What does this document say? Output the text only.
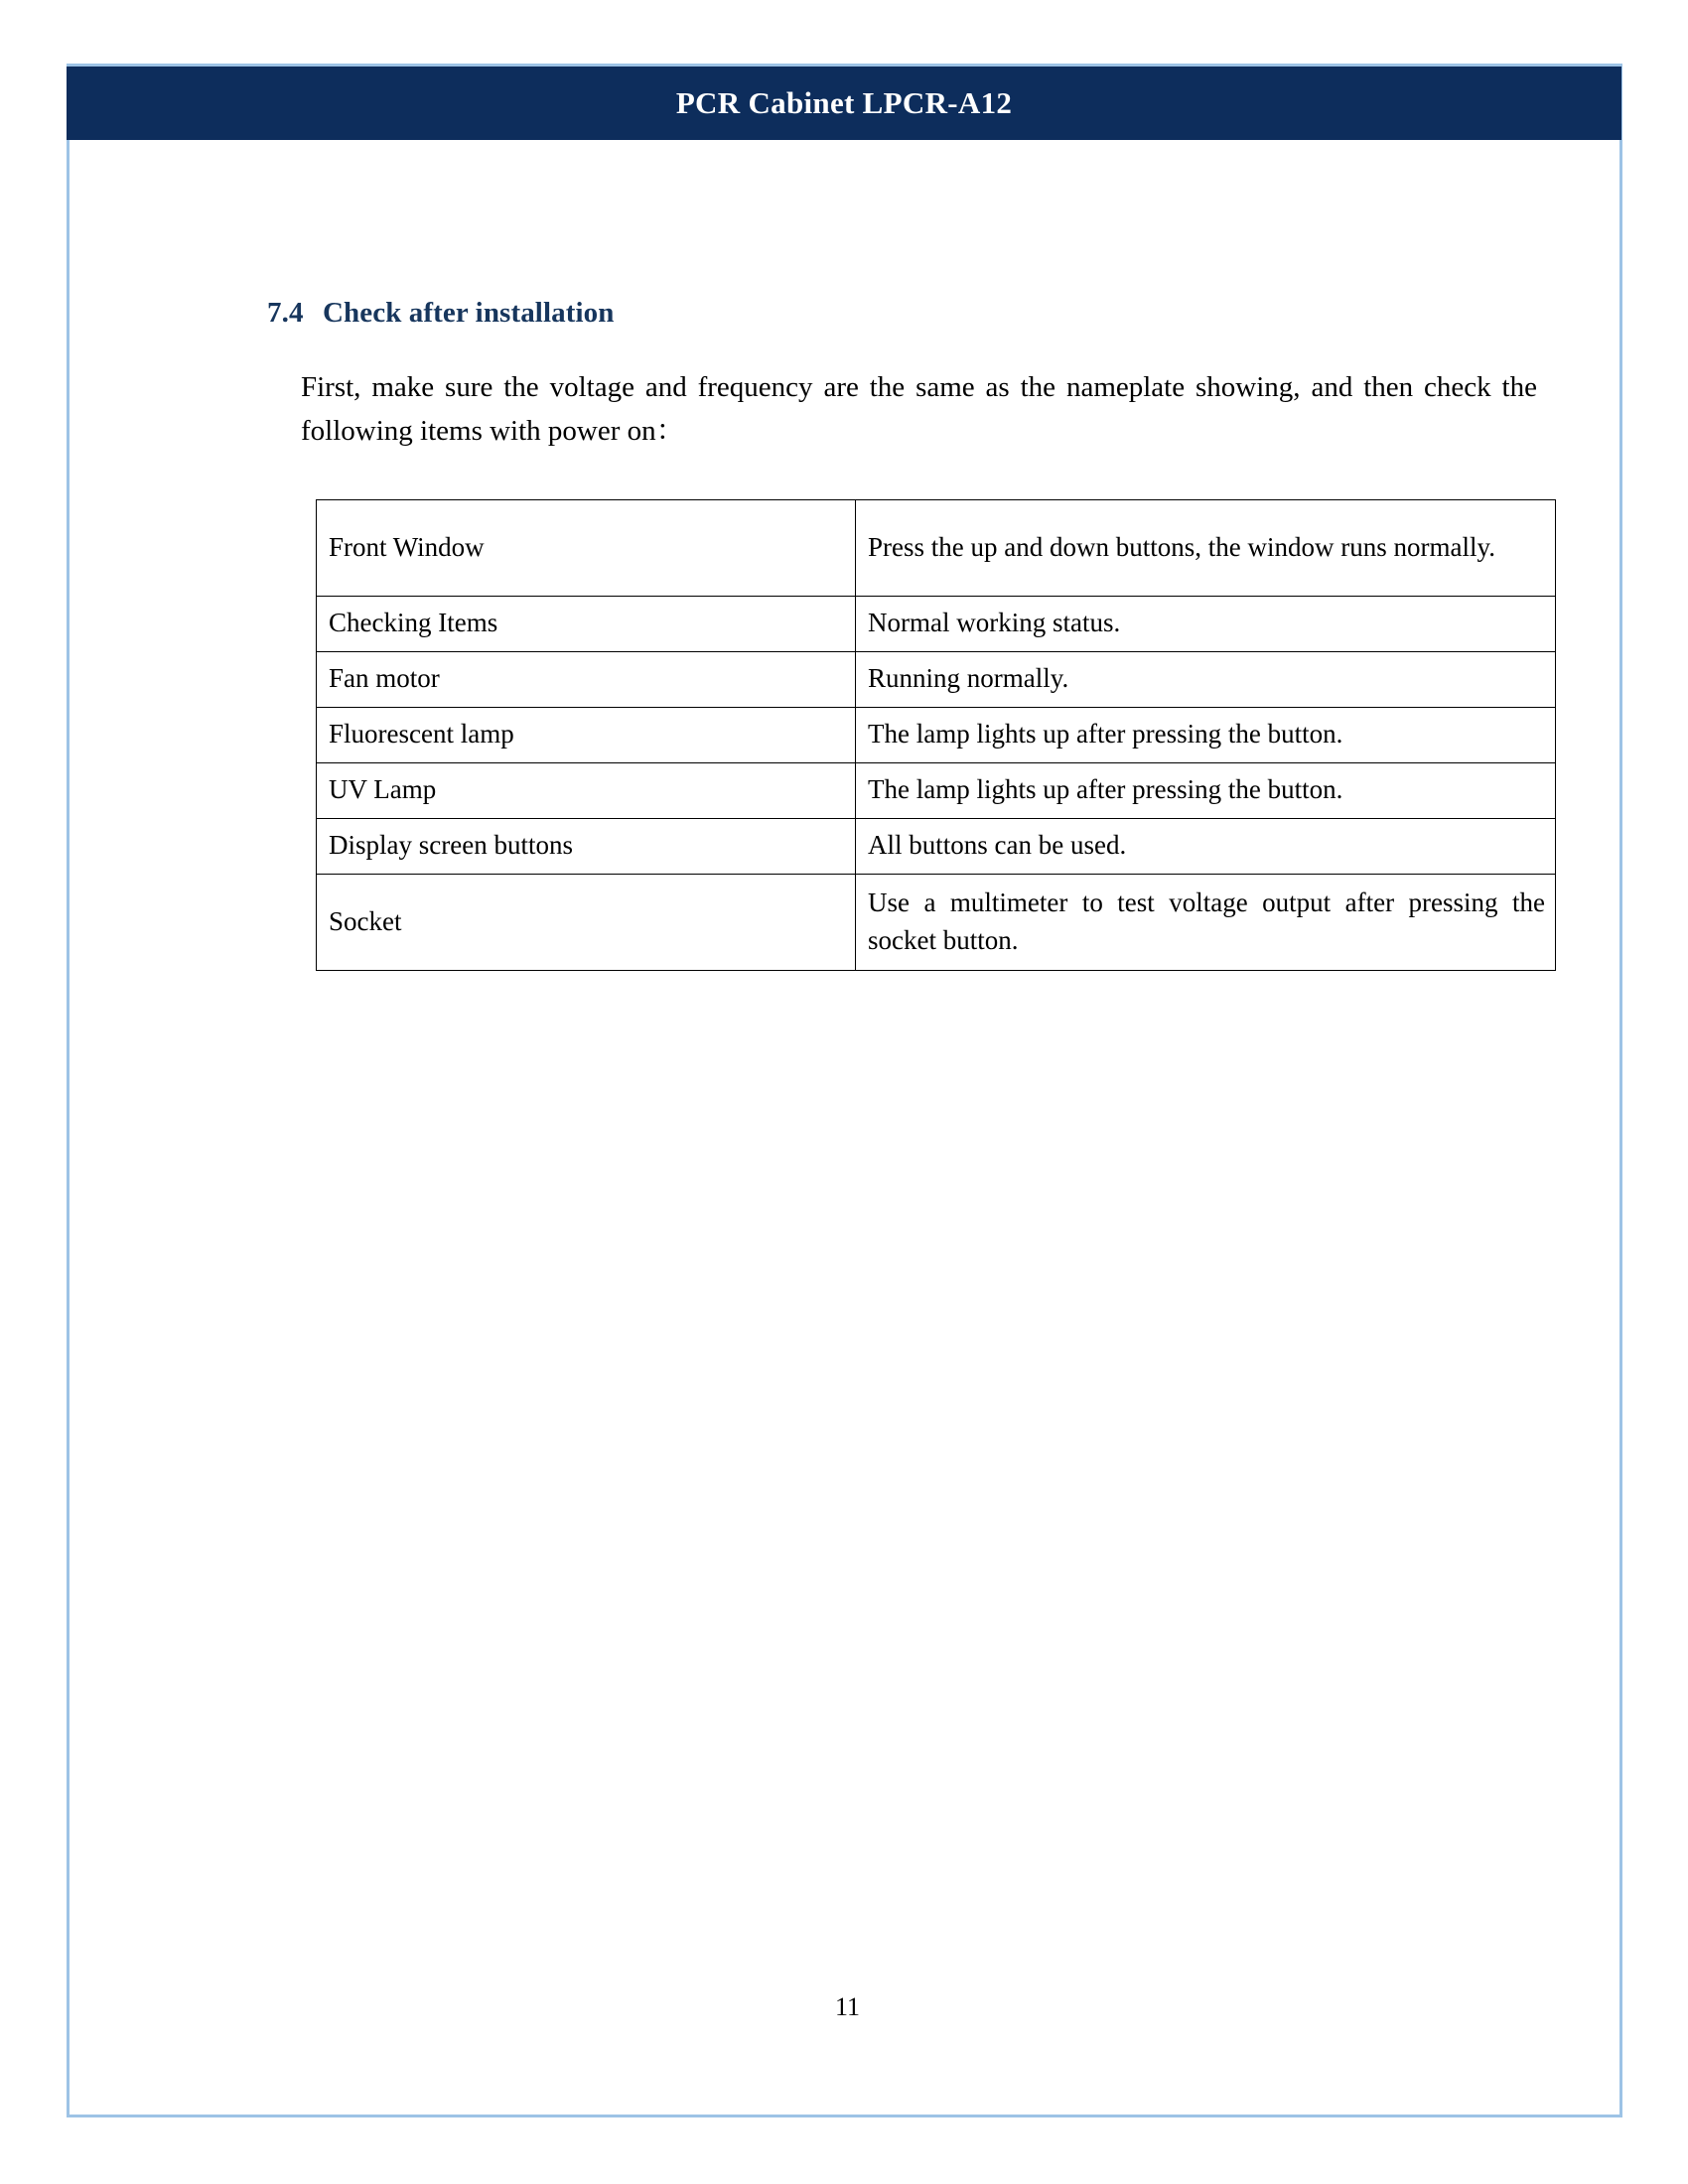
7.4 Check after installation

First, make sure the voltage and frequency are the same as the nameplate showing, and then check the following items with power on：

Front Window	Press the up and down buttons, the window runs normally.
Checking Items	Normal working status.
Fan motor	Running normally.
Fluorescent lamp	The lamp lights up after pressing the button.
UV Lamp	The lamp lights up after pressing the button.
Display screen buttons	All buttons can be used.
Socket	Use a multimeter to test voltage output after pressing the socket button.
11
PCR Cabinet LPCR-A12
